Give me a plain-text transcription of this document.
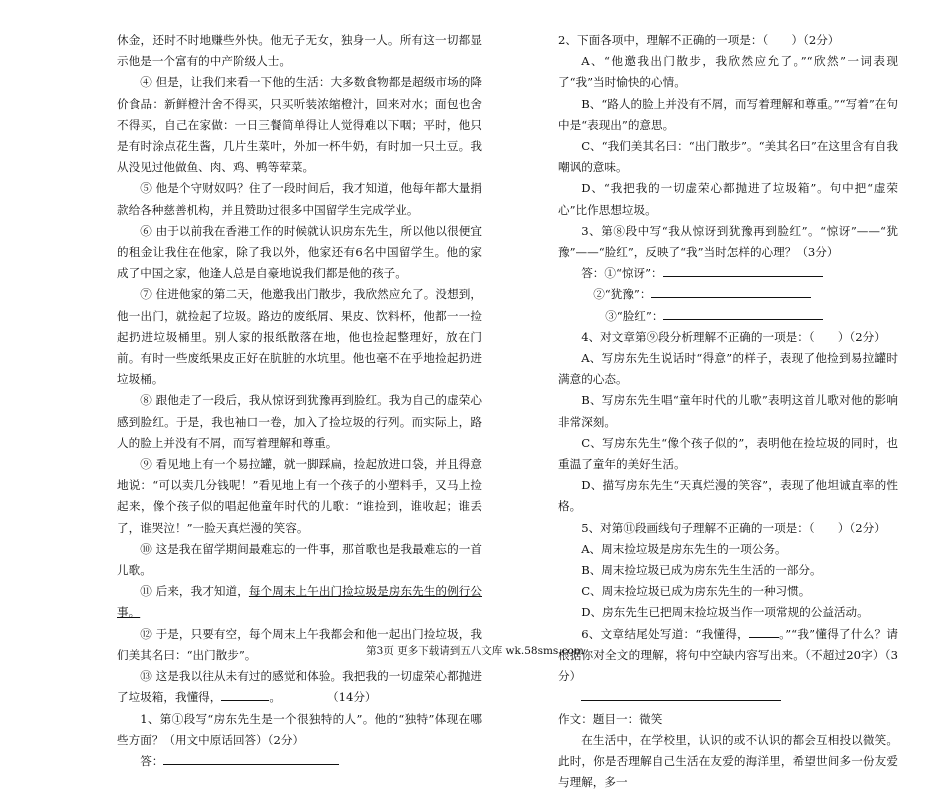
休金，还时不时地赚些外快。他无子无女，独身一人。所有这一切都显示他是一个富有的中产阶级人士。

④ 但是，让我们来看一下他的生活：大多数食物都是超级市场的降价食品：新鲜橙汁舍不得买，只买听装浓缩橙汁，回来对水；面包也舍不得买，自己在家做：一日三餐简单得让人觉得难以下咽；平时，他只是有时涂点花生酱，几片生菜叶，外加一杯牛奶，有时加一只土豆。我从没见过他做鱼、肉、鸡、鸭等荤菜。

⑤ 他是个守财奴吗？住了一段时间后，我才知道，他每年都大量捐款给各种慈善机构，并且赞助过很多中国留学生完成学业。

⑥ 由于以前我在香港工作的时候就认识房东先生，所以他以很便宜的租金让我住在他家，除了我以外，他家还有6名中国留学生。他的家成了中国之家，他逢人总是自豪地说我们都是他的孩子。

⑦ 住进他家的第二天，他邀我出门散步，我欣然应允了。没想到，他一出门，就捡起了垃圾。路边的废纸屑、果皮、饮料杯，他都一一捡起扔进垃圾桶里。别人家的报纸散落在地，他也捡起整理好，放在门前。有时一些废纸果皮正好在肮脏的水坑里。他也毫不在乎地捡起扔进垃圾桶。

⑧ 跟他走了一段后，我从惊讶到犹豫再到脸红。我为自己的虚荣心感到脸红。于是，我也袖口一卷，加入了捡垃圾的行列。而实际上，路人的脸上并没有不屑，而写着理解和尊重。

⑨ 看见地上有一个易拉罐，就一脚踩扁，捡起放进口袋，并且得意地说：“可以卖几分钱呢！”看见地上有一个孩子的小塑料手，又马上捡起来，像个孩子似的唱起他童年时代的儿歌：“谁捡到，谁收起；谁丢了，谁哭泣！”一脸天真烂漫的笑容。

⑩ 这是我在留学期间最难忘的一件事，那首歌也是我最难忘的一首儿歌。

⑪ 后来，我才知道，每个周末上午出门捡垃圾是房东先生的例行公事。

⑫ 于是，只要有空，每个周末上午我都会和他一起出门捡垃圾，我们美其名曰：“出门散步”。

⑬ 这是我以往从未有过的感觉和体验。我把我的一切虚荣心都抛进了垃圾箱，我懂得，	。	（14分）

1、第①段写“房东先生是一个很独特的人”。他的“独特”体现在哪些方面？（用文中原话回答）（2分）

答：

2、下面各项中，理解不正确的一项是：（　　）（2分）

A、“他邀我出门散步，我欣然应允了。”“欣然”一词表现了“我”当时愉快的心情。

B、“路人的脸上并没有不屑，而写着理解和尊重。”“写着”在句中是“表现出”的意思。

C、“我们美其名曰：“出门散步”。“美其名曰”在这里含有自我嘲讽的意味。

D、“我把我的一切虚荣心都抛进了垃圾箱”。句中把“虚荣心”比作思想垃圾。

3、第⑧段中写“我从惊讶到犹豫再到脸红”。“惊讶”——“犹豫”——“脸红”，反映了“我”当时怎样的心理？（3分）

答：①“惊讶”：

②“犹豫”：

③“脸红”：

4、对文章第⑨段分析理解不正确的一项是：（　　）（2分）

A、写房东先生说话时“得意”的样子，表现了他捡到易拉罐时满意的心态。

B、写房东先生唱“童年时代的儿歌”表明这首儿歌对他的影响非常深刻。

C、写房东先生“像个孩子似的”，表明他在捡垃圾的同时，也重温了童年的美好生活。

D、描写房东先生“天真烂漫的笑容”，表现了他坦诚直率的性格。

5、对第⑪段画线句子理解不正确的一项是：（　　）（2分）

A、周末捡垃圾是房东先生的一项公务。

B、周末捡垃圾已成为房东先生生活的一部分。

C、周末捡垃圾已成为房东先生的一种习惯。

D、房东先生已把周末捡垃圾当作一项常规的公益活动。

6、文章结尾处写道：“我懂得，	。”“我”懂得了什么？请根据你对全文的理解，将句中空缺内容写出来。（不超过20字）（3分）

作文：题目一：微笑

在生活中，在学校里，认识的或不认识的都会互相投以微笑。此时，你是否理解自己生活在友爱的海洋里，希望世间多一份友爱与理解，多一

第3页 更多下载请到五八文库 wk.58sms.com
